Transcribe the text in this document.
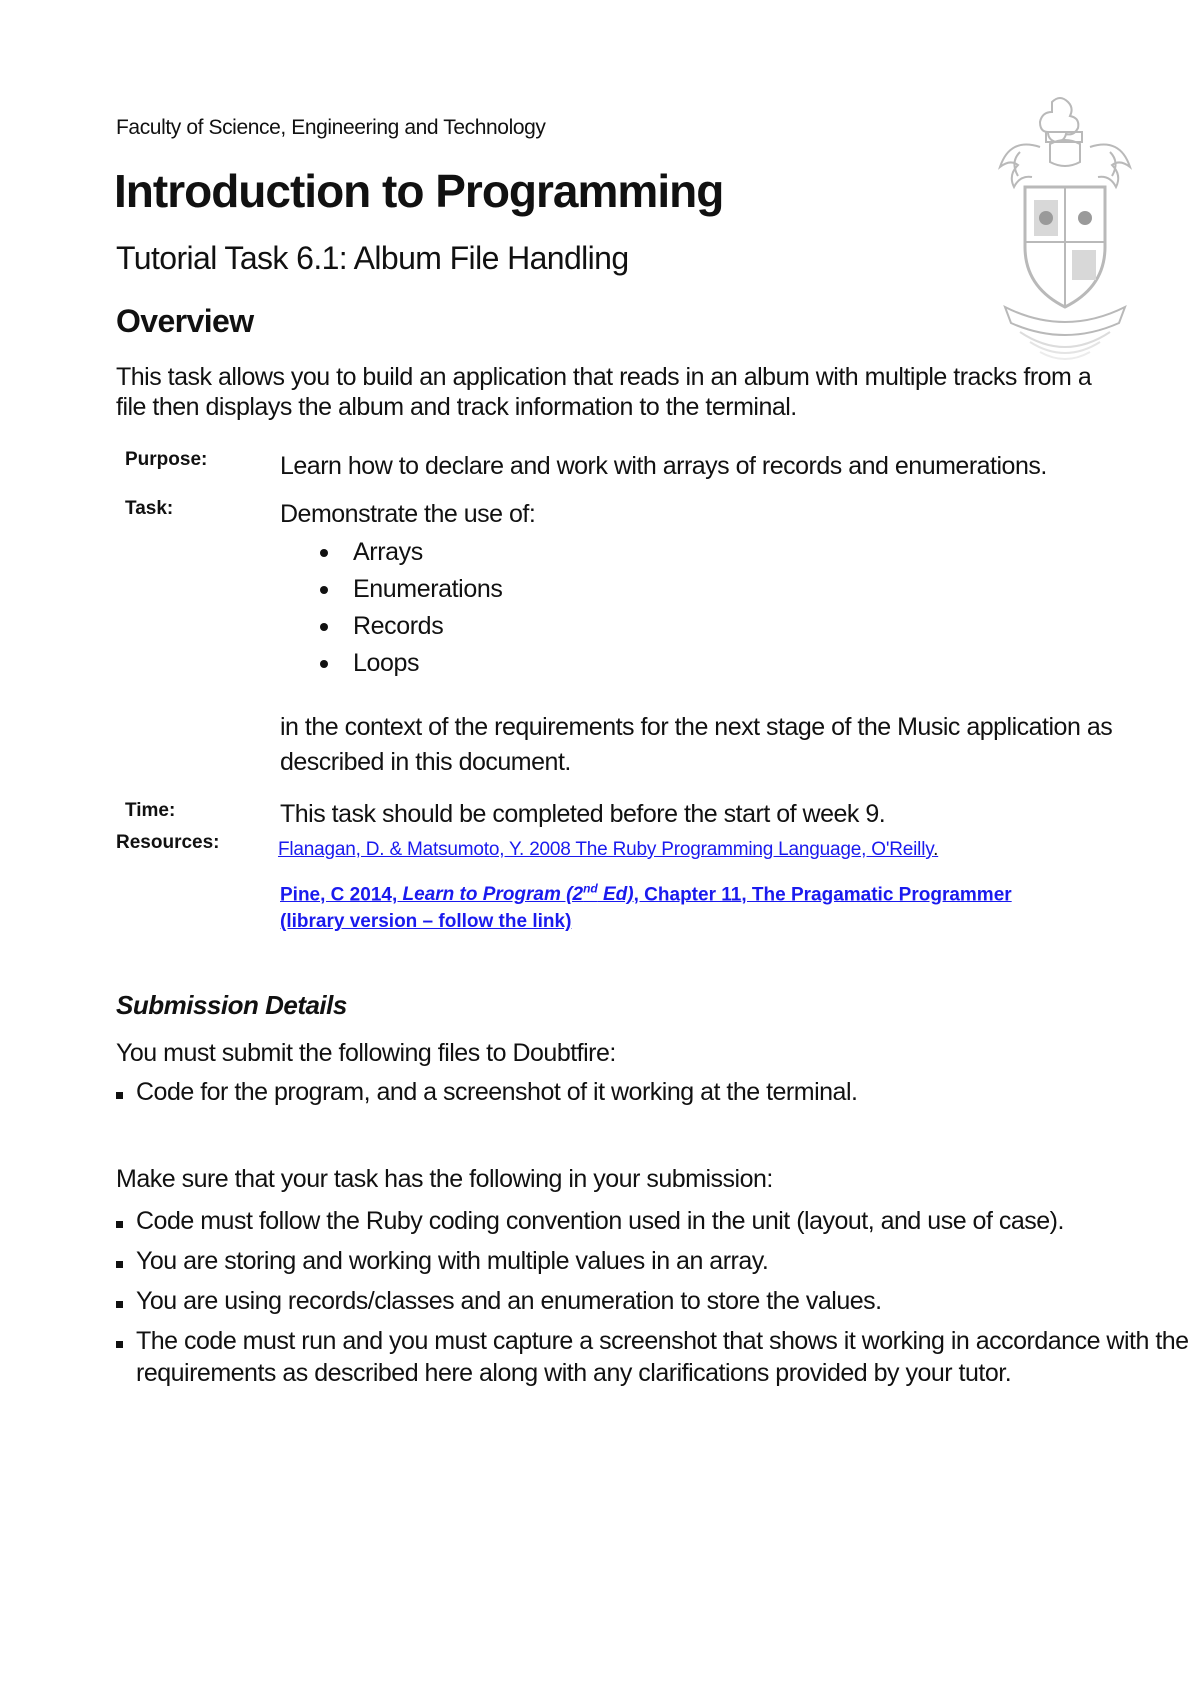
Faculty of Science, Engineering and Technology
Introduction to Programming
Tutorial Task 6.1: Album File Handling
Overview
This task allows you to build an application that reads in an album with multiple tracks from a file then displays the album and track information to the terminal.
Purpose:	Learn how to declare and work with arrays of records and enumerations.
Task:	Demonstrate the use of:
Arrays
Enumerations
Records
Loops
in the context of the requirements for the next stage of the Music application as described in this document.
Time:	This task should be completed before the start of week 9.
Resources:	Flanagan, D. & Matsumoto, Y. 2008 The Ruby Programming Language, O'Reilly.
Pine, C 2014, Learn to Program (2nd Ed), Chapter 11, The Pragamatic Programmer (library version – follow the link)
Submission Details
You must submit the following files to Doubtfire:
Code for the program, and a screenshot of it working at the terminal.
Make sure that your task has the following in your submission:
Code must follow the Ruby coding convention used in the unit (layout, and use of case).
You are storing and working with multiple values in an array.
You are using records/classes and an enumeration to store the values.
The code must run and you must capture a screenshot that shows it working in accordance with the requirements as described here along with any clarifications provided by your tutor.
